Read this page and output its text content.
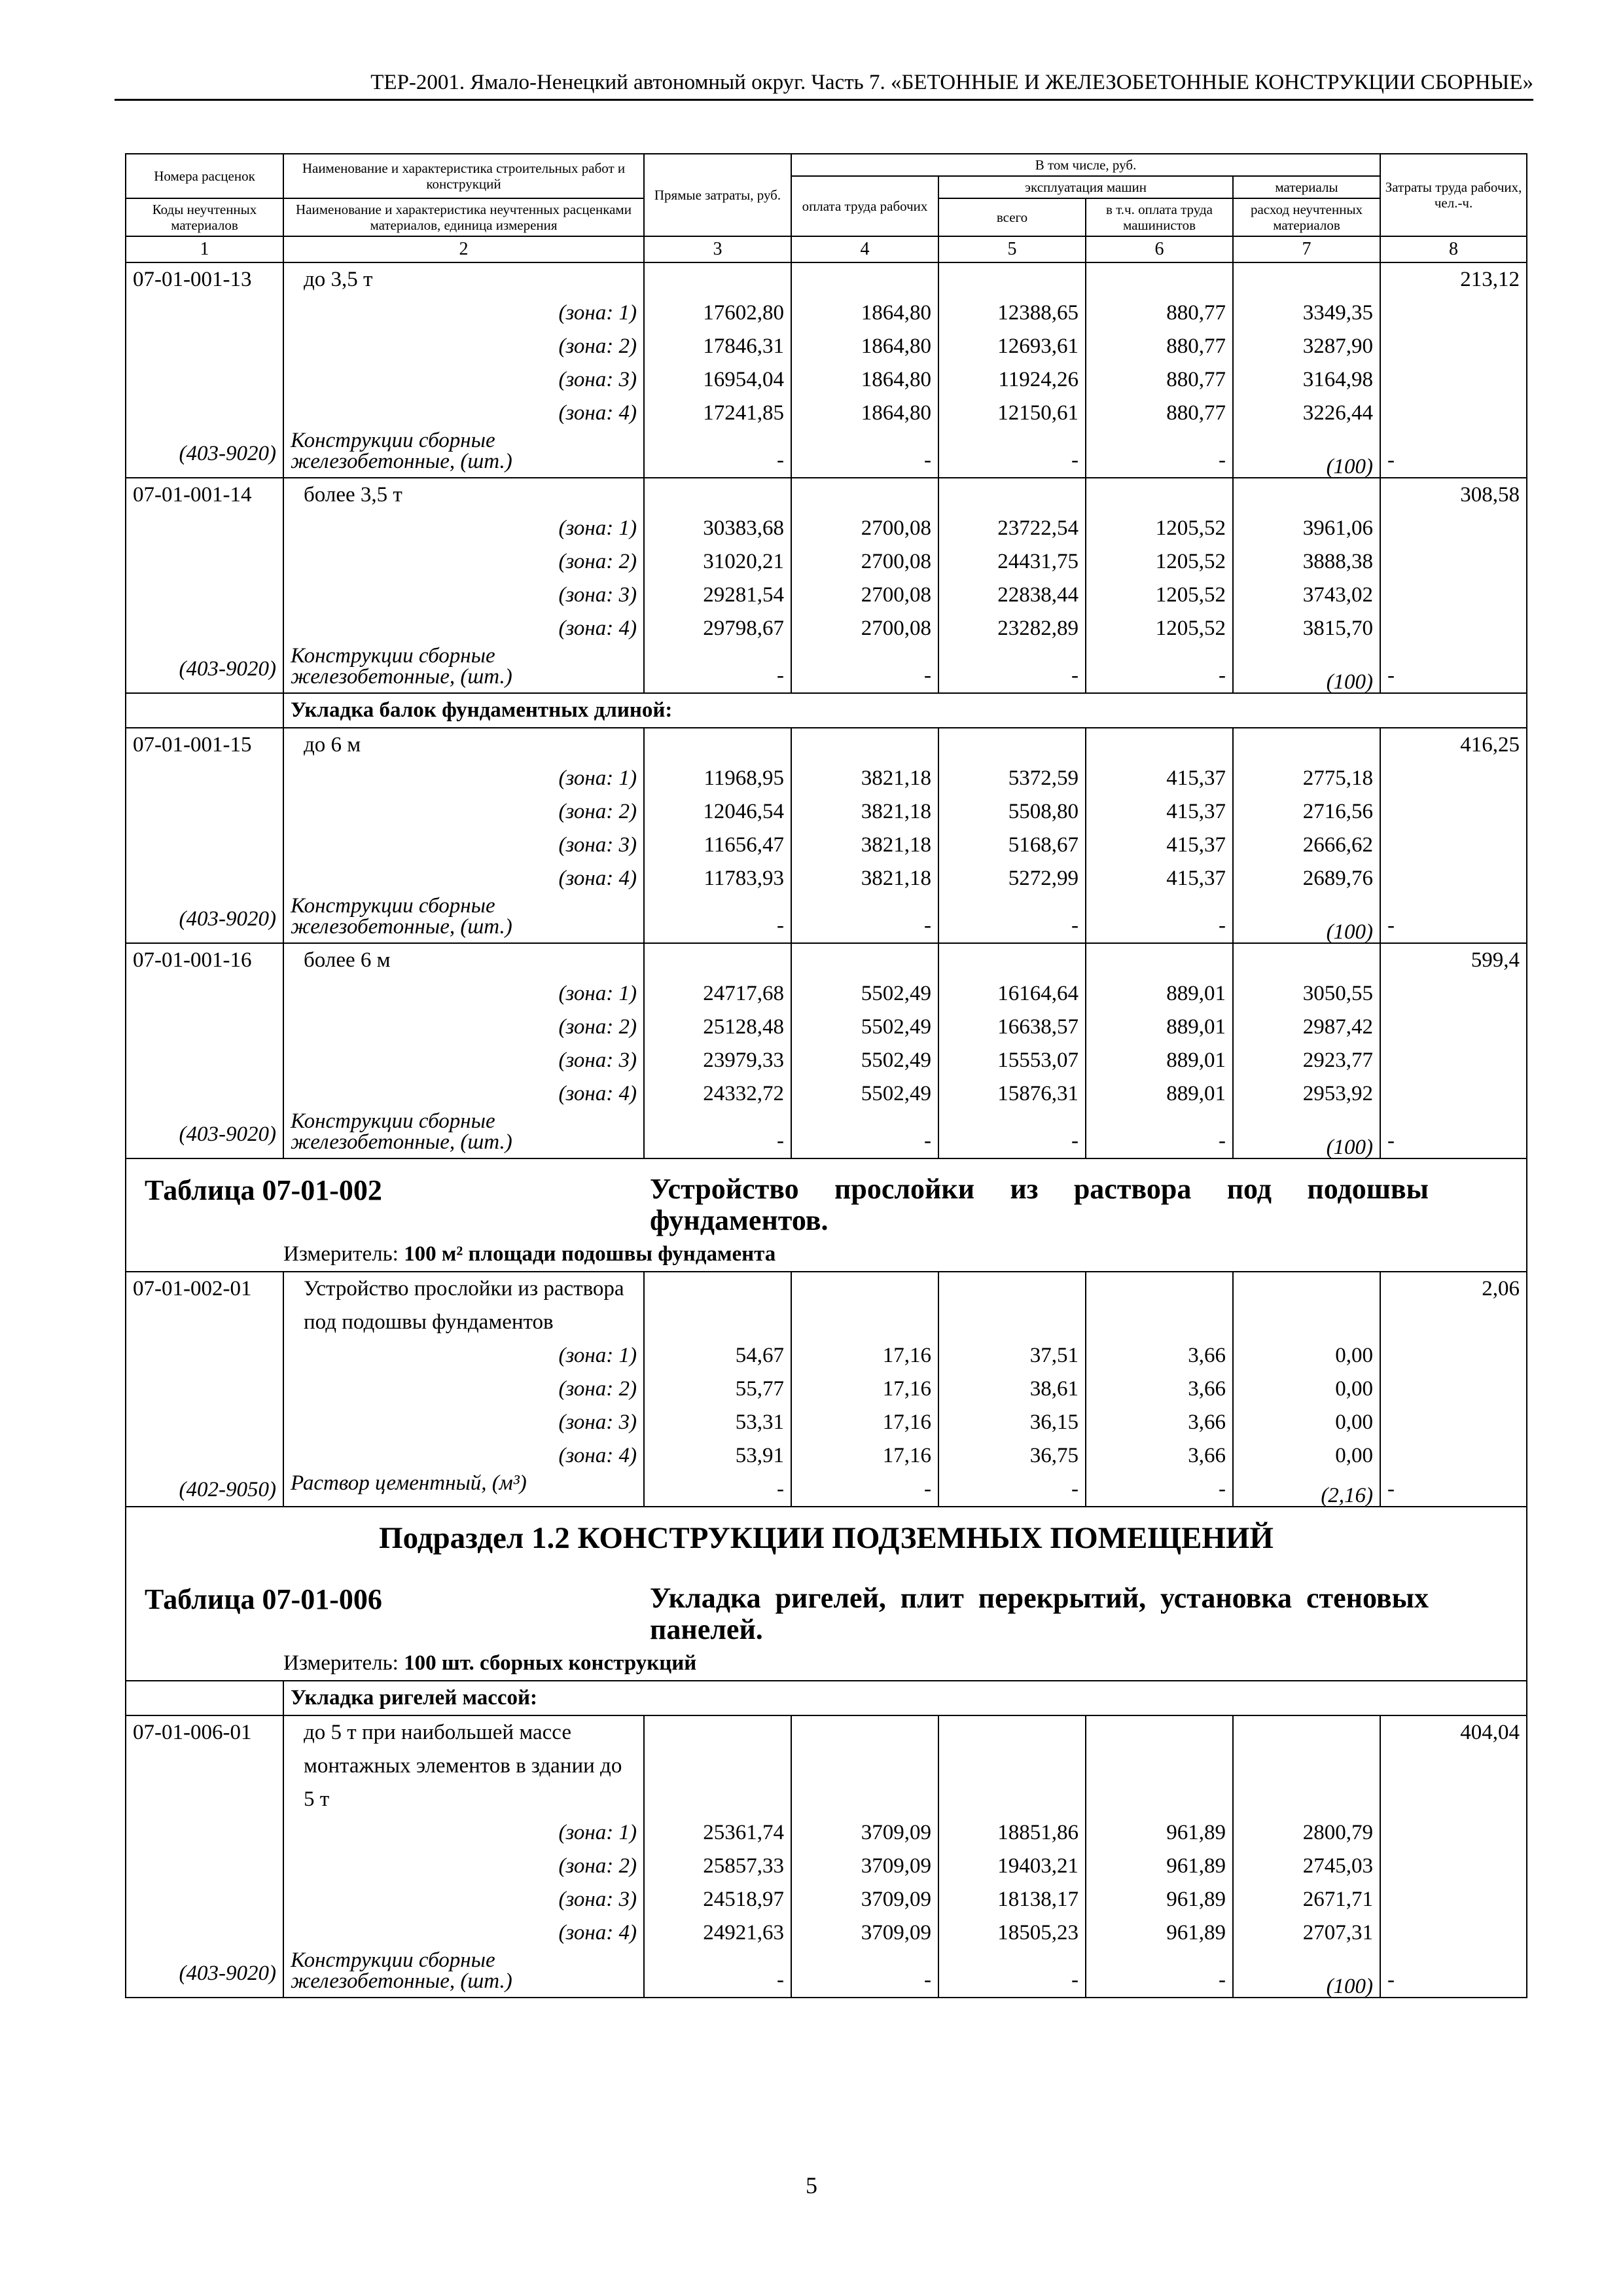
ТЕР-2001. Ямало-Ненецкий автономный округ. Часть 7. «БЕТОННЫЕ И ЖЕЛЕЗОБЕТОННЫЕ КОНСТРУКЦИИ СБОРНЫЕ»
Номера расценок	Наименование и характеристика строительных работ и конструкций	Прямые затраты, руб.	В том числе, руб.				Затраты труда рабочих, чел.-ч.
			оплата труда рабочих	эксплуатация машин		материалы	
Коды неучтенных материалов	Наименование и характеристика неучтенных расценками материалов, единица измерения			всего	в т.ч. оплата труда машинистов	расход неучтенных материалов	
1	2	3	4	5	6	7	8
07-01-001-13	до 3,5 т						213,12
	(зона: 1)	17602,80	1864,80	12388,65	880,77	3349,35	
	(зона: 2)	17846,31	1864,80	12693,61	880,77	3287,90	
	(зона: 3)	16954,04	1864,80	11924,26	880,77	3164,98	
	(зона: 4)	17241,85	1864,80	12150,61	880,77	3226,44	
(403-9020)	Конструкции сборные железобетонные, (шт.)	-	-	-	-	(100)	-
07-01-001-14	более 3,5 т						308,58
	(зона: 1)	30383,68	2700,08	23722,54	1205,52	3961,06	
	(зона: 2)	31020,21	2700,08	24431,75	1205,52	3888,38	
	(зона: 3)	29281,54	2700,08	22838,44	1205,52	3743,02	
	(зона: 4)	29798,67	2700,08	23282,89	1205,52	3815,70	
(403-9020)	Конструкции сборные железобетонные, (шт.)	-	-	-	-	(100)	-
	Укладка балок фундаментных длиной:						
07-01-001-15	до 6 м						416,25
	(зона: 1)	11968,95	3821,18	5372,59	415,37	2775,18	
	(зона: 2)	12046,54	3821,18	5508,80	415,37	2716,56	
	(зона: 3)	11656,47	3821,18	5168,67	415,37	2666,62	
	(зона: 4)	11783,93	3821,18	5272,99	415,37	2689,76	
(403-9020)	Конструкции сборные железобетонные, (шт.)	-	-	-	-	(100)	-
07-01-001-16	более 6 м						599,4
	(зона: 1)	24717,68	5502,49	16164,64	889,01	3050,55	
	(зона: 2)	25128,48	5502,49	16638,57	889,01	2987,42	
	(зона: 3)	23979,33	5502,49	15553,07	889,01	2923,77	
	(зона: 4)	24332,72	5502,49	15876,31	889,01	2953,92	
(403-9020)	Конструкции сборные железобетонные, (шт.)	-	-	-	-	(100)	-

Таблица 07-01-002 Устройство прослойки из раствора под подошвы фундаментов.
Измеритель: 100 м² площади подошвы фундамента							

07-01-002-01	Устройство прослойки из раствора под подошвы фундаментов						2,06
	(зона: 1)	54,67	17,16	37,51	3,66	0,00	
	(зона: 2)	55,77	17,16	38,61	3,66	0,00	
	(зона: 3)	53,31	17,16	36,15	3,66	0,00	
	(зона: 4)	53,91	17,16	36,75	3,66	0,00	
(402-9050)	Раствор цементный, (м³)	-	-	-	-	(2,16)	-

Подраздел 1.2 КОНСТРУКЦИИ ПОДЗЕМНЫХ ПОМЕЩЕНИЙ
Таблица 07-01-006 Укладка ригелей, плит перекрытий, установка стеновых панелей.
Измеритель: 100 шт. сборных конструкций							

	Укладка ригелей массой:						
07-01-006-01	до 5 т при наибольшей массе монтажных элементов в здании до 5 т						404,04
	(зона: 1)	25361,74	3709,09	18851,86	961,89	2800,79	
	(зона: 2)	25857,33	3709,09	19403,21	961,89	2745,03	
	(зона: 3)	24518,97	3709,09	18138,17	961,89	2671,71	
	(зона: 4)	24921,63	3709,09	18505,23	961,89	2707,31	
(403-9020)	Конструкции сборные железобетонные, (шт.)	-	-	-	-	(100)	-
5
